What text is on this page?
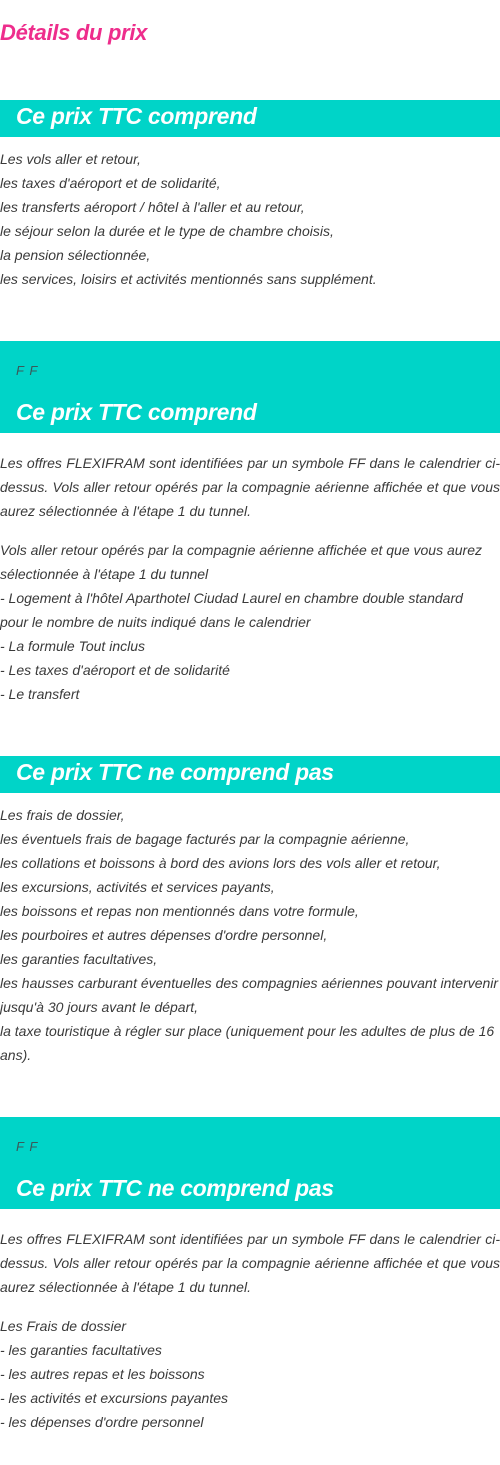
Détails du prix
Ce prix TTC comprend
Les vols aller et retour,
les taxes d'aéroport et de solidarité,
les transferts aéroport / hôtel à l'aller et au retour,
le séjour selon la durée et le type de chambre choisis,
la pension sélectionnée,
les services, loisirs et activités mentionnés sans supplément.

F F

Ce prix TTC comprend

Les offres FLEXIFRAM sont identifiées par un symbole FF dans le calendrier ci-dessus. Vols aller retour opérés par la compagnie aérienne affichée et que vous aurez sélectionnée à l'étape 1 du tunnel.

Vols aller retour opérés par la compagnie aérienne affichée et que vous aurez
sélectionnée à l'étape 1 du tunnel
- Logement à l'hôtel Aparthotel Ciudad Laurel en chambre double standard
pour le nombre de nuits indiqué dans le calendrier
- La formule Tout inclus
- Les taxes d'aéroport et de solidarité
- Le transfert
Ce prix TTC ne comprend pas
Les frais de dossier,
les éventuels frais de bagage facturés par la compagnie aérienne,
les collations et boissons à bord des avions lors des vols aller et retour,
les excursions, activités et services payants,
les boissons et repas non mentionnés dans votre formule,
les pourboires et autres dépenses d'ordre personnel,
les garanties facultatives,
les hausses carburant éventuelles des compagnies aériennes pouvant intervenir
jusqu'à 30 jours avant le départ,
la taxe touristique à régler sur place (uniquement pour les adultes de plus de 16
ans).

F F

Ce prix TTC ne comprend pas

Les offres FLEXIFRAM sont identifiées par un symbole FF dans le calendrier ci-dessus. Vols aller retour opérés par la compagnie aérienne affichée et que vous aurez sélectionnée à l'étape 1 du tunnel.

Les Frais de dossier
- les garanties facultatives
- les autres repas et les boissons
- les activités et excursions payantes
- les dépenses d'ordre personnel
